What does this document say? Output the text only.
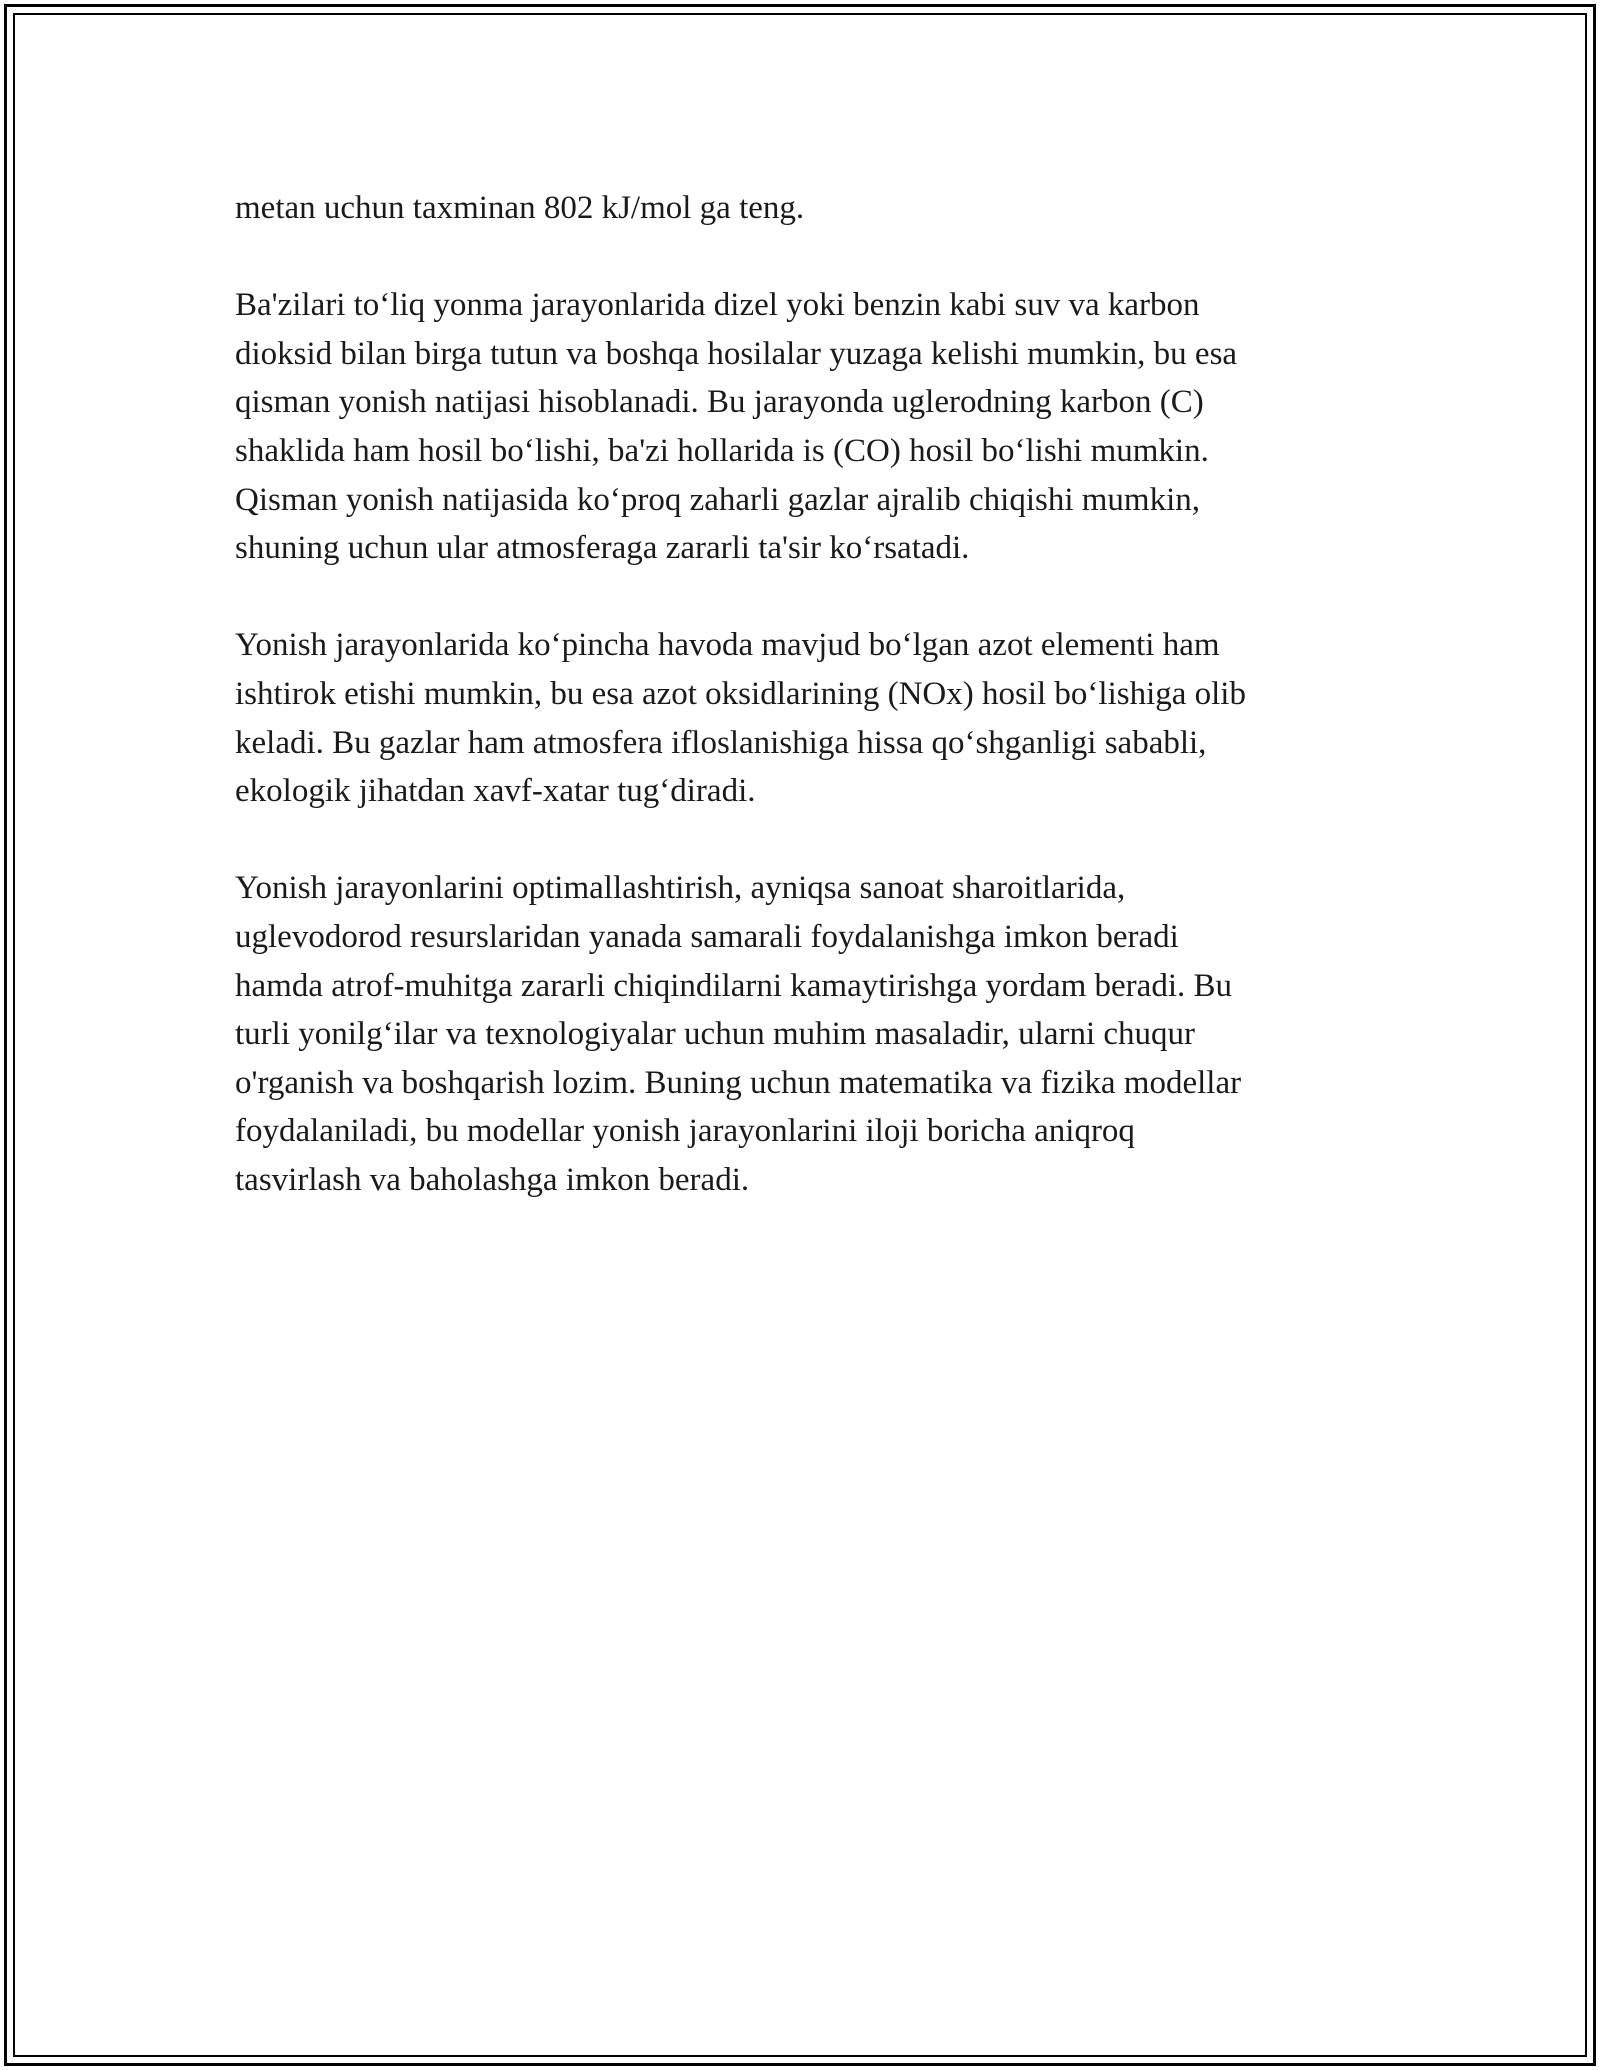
metan uchun taxminan 802 kJ/mol ga teng.

Ba'zilari to‘liq yonma jarayonlarida dizel yoki benzin kabi suv va karbon
dioksid bilan birga tutun va boshqa hosilalar yuzaga kelishi mumkin, bu esa
qisman yonish natijasi hisoblanadi. Bu jarayonda uglerodning karbon (C)
shaklida ham hosil bo‘lishi, ba'zi hollarida is (CO) hosil bo‘lishi mumkin.
Qisman yonish natijasida ko‘proq zaharli gazlar ajralib chiqishi mumkin,
shuning uchun ular atmosferaga zararli ta'sir ko‘rsatadi.

Yonish jarayonlarida ko‘pincha havoda mavjud bo‘lgan azot elementi ham
ishtirok etishi mumkin, bu esa azot oksidlarining (NOx) hosil bo‘lishiga olib
keladi. Bu gazlar ham atmosfera ifloslanishiga hissa qo‘shganligi sababli,
ekologik jihatdan xavf-xatar tug‘diradi.

Yonish jarayonlarini optimallashtirish, ayniqsa sanoat sharoitlarida,
uglevodorod resurslaridan yanada samarali foydalanishga imkon beradi
hamda atrof-muhitga zararli chiqindilarni kamaytirishga yordam beradi. Bu
turli yonilg‘ilar va texnologiyalar uchun muhim masaladir, ularni chuqur
o'rganish va boshqarish lozim. Buning uchun matematika va fizika modellar
foydalaniladi, bu modellar yonish jarayonlarini iloji boricha aniqroq
tasvirlash va baholashga imkon beradi.
